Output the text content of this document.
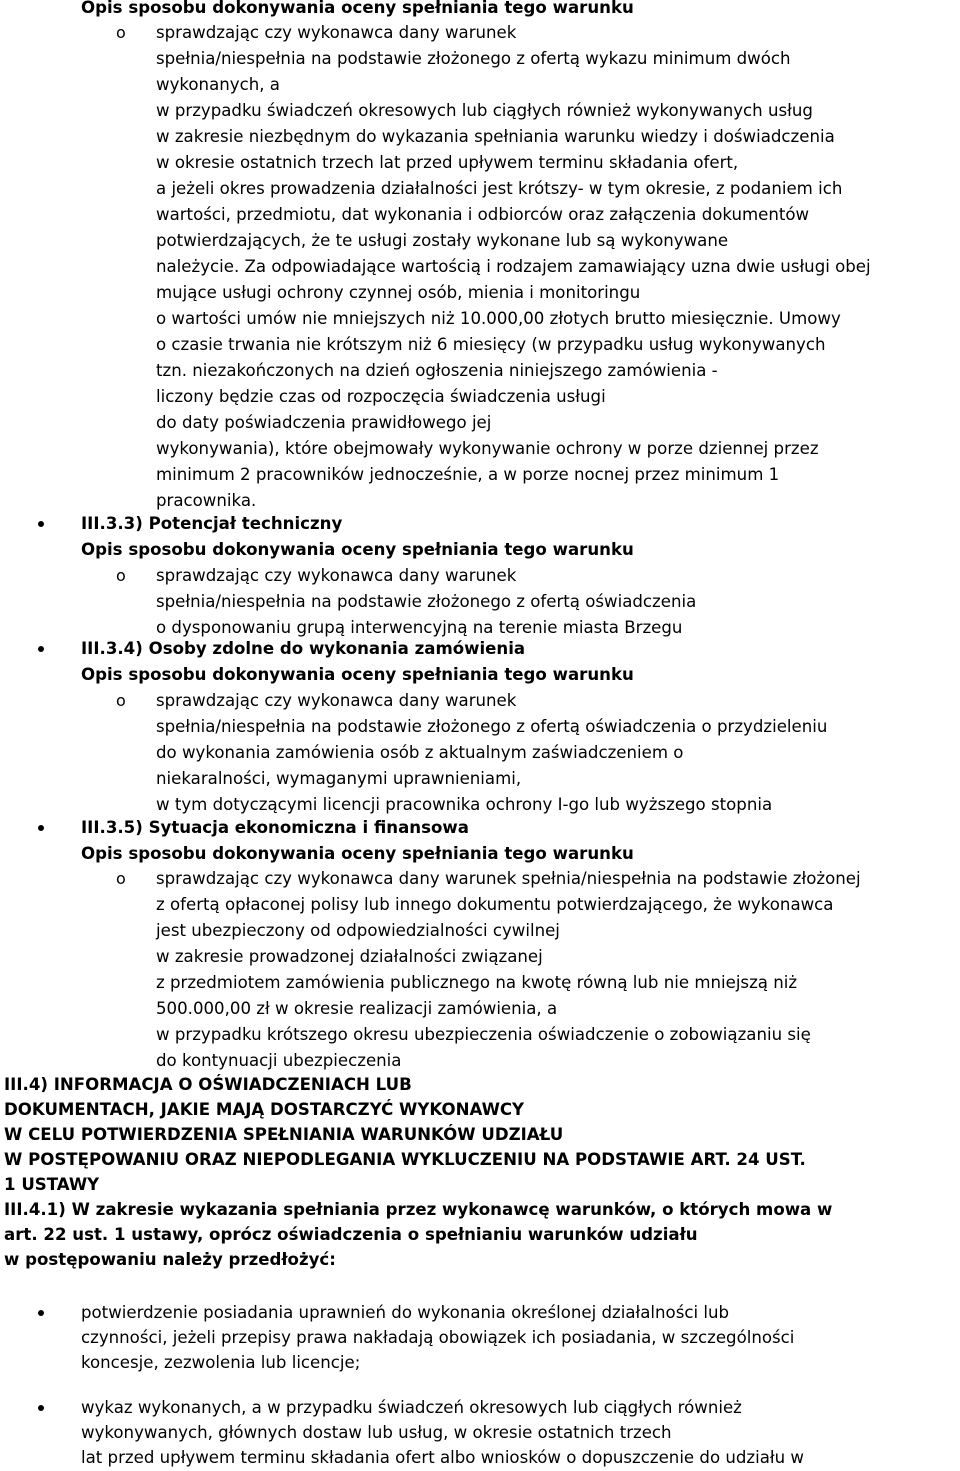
Opis sposobu dokonywania oceny spełniania tego warunku
o sprawdzając czy wykonawca dany warunek
spełnia/niespełnia na podstawie złożonego z ofertą wykazu minimum dwóch
wykonanych, a
w przypadku świadczeń okresowych lub ciągłych również wykonywanych usług
w zakresie niezbędnym do wykazania spełniania warunku wiedzy i doświadczenia
w okresie ostatnich trzech lat przed upływem terminu składania ofert,
a jeżeli okres prowadzenia działalności jest krótszy- w tym okresie, z podaniem ich
wartości, przedmiotu, dat wykonania i odbiorców oraz załączenia dokumentów
potwierdzających, że te usługi zostały wykonane lub są wykonywane
należycie. Za odpowiadające wartością i rodzajem zamawiający uzna dwie usługi obej
mujące usługi ochrony czynnej osób, mienia i monitoringu
o wartości umów nie mniejszych niż 10.000,00 złotych brutto miesięcznie. Umowy
o czasie trwania nie krótszym niż 6 miesięcy (w przypadku usług wykonywanych
tzn. niezakończonych na dzień ogłoszenia niniejszego zamówienia -
liczony będzie czas od rozpoczęcia świadczenia usługi
do daty poświadczenia prawidłowego jej
wykonywania), które obejmowały wykonywanie ochrony w porze dziennej przez
minimum 2 pracowników jednocześnie, a w porze nocnej przez minimum 1
pracownika.
III.3.3) Potencjał techniczny
Opis sposobu dokonywania oceny spełniania tego warunku
o sprawdzając czy wykonawca dany warunek
spełnia/niespełnia na podstawie złożonego z ofertą oświadczenia
o dysponowaniu grupą interwencyjną na terenie miasta Brzegu
III.3.4) Osoby zdolne do wykonania zamówienia
Opis sposobu dokonywania oceny spełniania tego warunku
o sprawdzając czy wykonawca dany warunek
spełnia/niespełnia na podstawie złożonego z ofertą oświadczenia o przydzieleniu
do wykonania zamówienia osób z aktualnym zaświadczeniem o
niekaralności, wymaganymi uprawnieniami,
w tym dotyczącymi licencji pracownika ochrony I-go lub wyższego stopnia
III.3.5) Sytuacja ekonomiczna i finansowa
Opis sposobu dokonywania oceny spełniania tego warunku
o sprawdzając czy wykonawca dany warunek spełnia/niespełnia na podstawie złożonej
z ofertą opłaconej polisy lub innego dokumentu potwierdzającego, że wykonawca
jest ubezpieczony od odpowiedzialności cywilnej
w zakresie prowadzonej działalności związanej
z przedmiotem zamówienia publicznego na kwotę równą lub nie mniejszą niż
500.000,00 zł w okresie realizacji zamówienia, a
w przypadku krótszego okresu ubezpieczenia oświadczenie o zobowiązaniu się
do kontynuacji ubezpieczenia
III.4) INFORMACJA O OŚWIADCZENIACH LUB
DOKUMENTACH, JAKIE MAJĄ DOSTARCZYĆ WYKONAWCY
W CELU POTWIERDZENIA SPEŁNIANIA WARUNKÓW UDZIAŁU
W POSTĘPOWANIU ORAZ NIEPODLEGANIA WYKLUCZENIU NA PODSTAWIE ART. 24 UST.
1 USTAWY
III.4.1) W zakresie wykazania spełniania przez wykonawcę warunków, o których mowa w
art. 22 ust. 1 ustawy, oprócz oświadczenia o spełnianiu warunków udziału
w postępowaniu należy przedłożyć:
potwierdzenie posiadania uprawnień do wykonania określonej działalności lub
czynności, jeżeli przepisy prawa nakładają obowiązek ich posiadania, w szczególności
koncesje, zezwolenia lub licencje;
wykaz wykonanych, a w przypadku świadczeń okresowych lub ciągłych również
wykonywanych, głównych dostaw lub usług, w okresie ostatnich trzech
lat przed upływem terminu składania ofert albo wniosków o dopuszczenie do udziału w
